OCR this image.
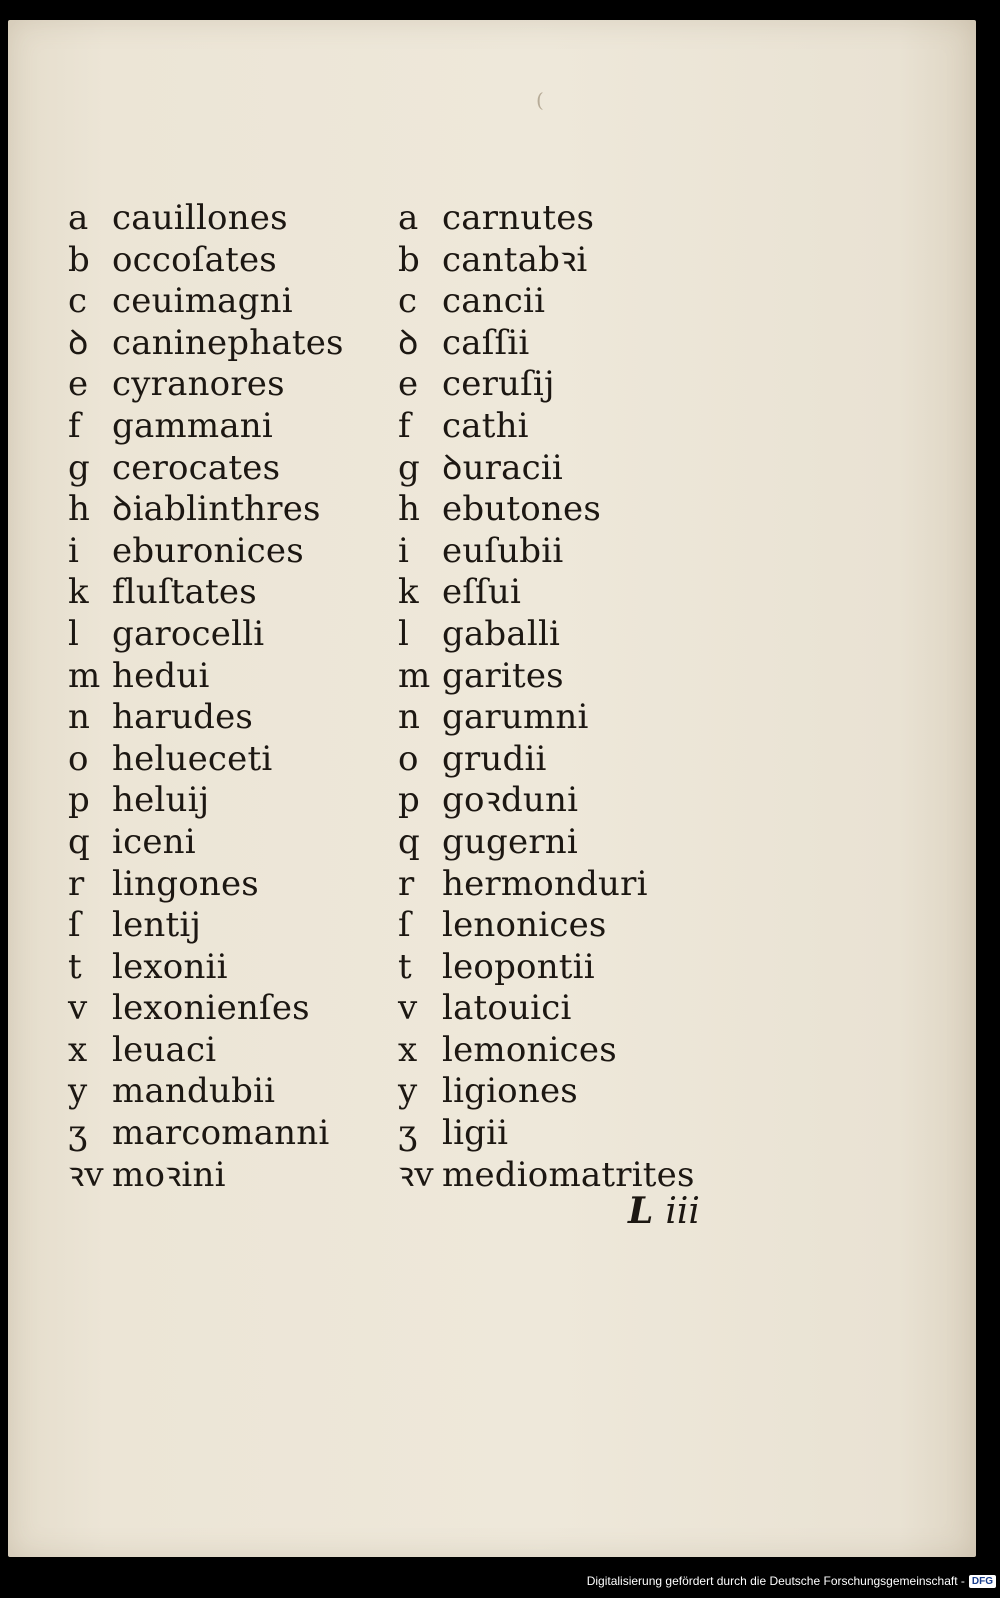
(
a cauillones
b occoſates
c ceuimagni
ꝺ caninephates
e cyranores
f gammani
g cerocates
h ꝺiablinthres
i eburonices
k fluſtates
l garocelli
m hedui
n harudes
o helueceti
p heluij
q iceni
r lingones
ſ lentij
t lexonii
v lexonienſes
x leuaci
y mandubii
ʒ marcomanni
ꝛv moꝛini
a carnutes
b cantabꝛi
c cancii
ꝺ caſſii
e ceruſij
f cathi
g ꝺuracii
h ebutones
i euſubii
k eſſui
l gaballi
m garites
n garumni
o grudii
p goꝛduni
q gugerni
r hermonduri
ſ lenonices
t leopontii
v latouici
x lemonices
y ligiones
ʒ ligii
ꝛv mediomatrites
L iii
Digitalisierung gefördert durch die Deutsche Forschungsgemeinschaft - DFG
